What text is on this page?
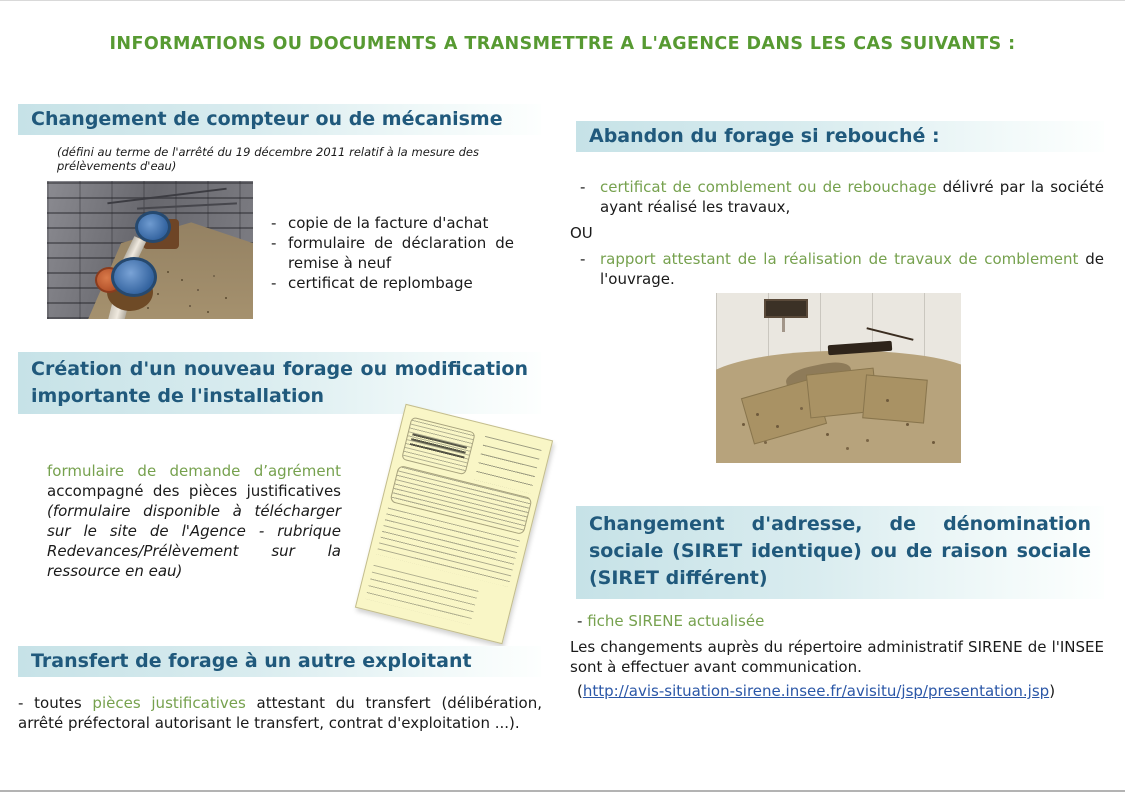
INFORMATIONS OU DOCUMENTS A TRANSMETTRE A L'AGENCE DANS LES CAS SUIVANTS :
Changement de compteur ou de mécanisme
(défini au terme de l'arrêté du 19 décembre 2011 relatif à la mesure des prélèvements d'eau)
- copie de la facture d'achat
- formulaire de déclaration de remise à neuf
- certificat de replombage
Création d'un nouveau forage ou modification importante de l'installation
formulaire de demande d’agrément accompagné des pièces justificatives (formulaire disponible à télécharger sur le site de l'Agence - rubrique Redevances/Prélèvement sur la ressource en eau)
Transfert de forage à un autre exploitant
- toutes pièces justificatives attestant du transfert (délibération, arrêté préfectoral autorisant le transfert, contrat d'exploitation ...).
Abandon du forage si rebouché :
- certificat de comblement ou de rebouchage délivré par la société ayant réalisé les travaux,
OU
- rapport attestant de la réalisation de travaux de comblement de l'ouvrage.
Changement d'adresse, de dénomination sociale (SIRET identique) ou de raison sociale (SIRET différent)
- fiche SIRENE actualisée
Les changements auprès du répertoire administratif SIRENE de l'INSEE sont à effectuer avant communication.
(http://avis-situation-sirene.insee.fr/avisitu/jsp/presentation.jsp)
